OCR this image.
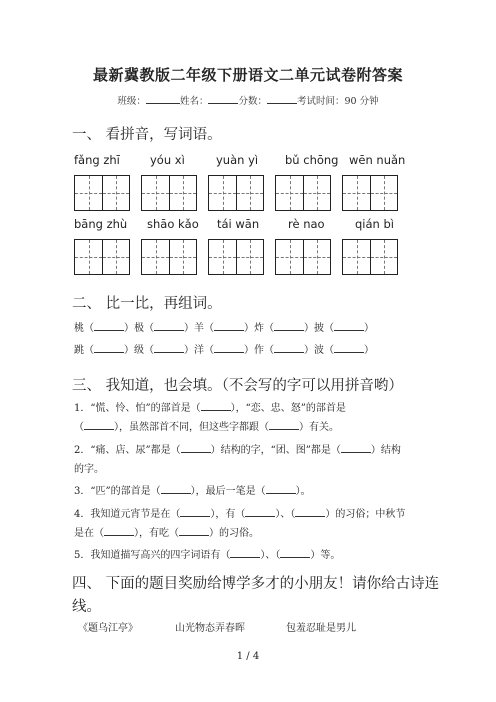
最新冀教版二年级下册语文二单元试卷附答案
班级：	姓名：	分数：	考试时间：90 分钟
一、 看拼音，写词语。
fǎng zhī	yóu xì	yuàn yì bǔ chōng wēn nuǎn
bāng zhù shāo kǎo tái wān	rè nao	qián bì
二、 比一比，再组词。
桃（	）极（	）羊（	）炸（	）披（	）
跳（	）级（	）洋（	）作（	）波（	）
三、 我知道，也会填。（不会写的字可以用拼音哟）
1．“慌、怜、怕”的部首是（	），“恋、忠、怒”的部首是
（	），虽然部首不同，但这些字都跟（	）有关。
2．“痛、店、尿”都是（	）结构的字，“团、图”都是（	）结构
的字。
3．“匹”的部首是（	），最后一笔是（	）。
4．我知道元宵节是在（	），有（	）、（	）的习俗；中秋节
是在（	），有吃（	）的习俗。
5．我知道描写高兴的四字词语有（	）、（	）等。
四、 下面的题目奖励给博学多才的小朋友！请你给古诗连
线。
《题乌江亭》	山光物态弄春晖	包羞忍耻是男儿
1 / 4
